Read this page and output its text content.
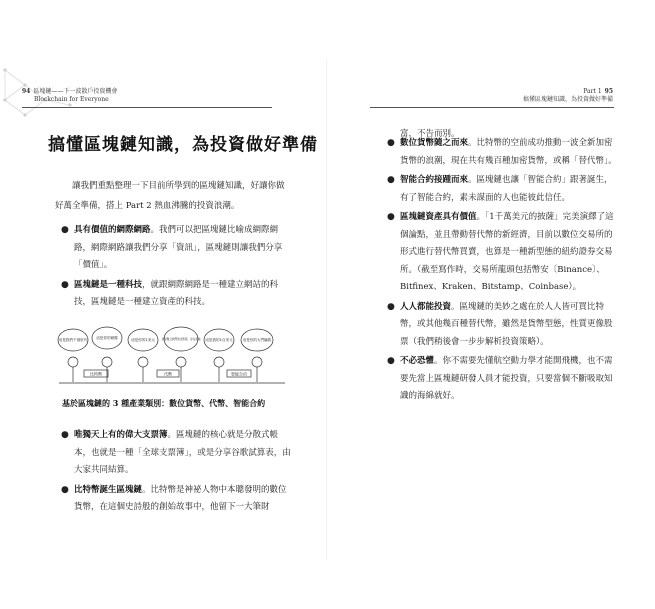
94 區塊鏈——下一波散戶投資機會
Blockchain for Everyone
搞懂區塊鏈知識，為投資做好準備

讓我們重點整理一下目前所學到的區塊鏈知識，好讓你做好萬全準備，搭上 Part 2 熱血沸騰的投資浪潮。

● 具有價值的網際網路。我們可以把區塊鏈比喻成網際網路，網際網路讓我們分享「資訊」，區塊鏈則讓我們分享「價值」。
● 區塊鏈是一種科技，就跟網際網路是一種建立網站的科技，區塊鏈是一種建立資產的科技。
這是我們千禧世代 這是你的硬碟	這是你的1美元	這是聚合我們的支票簿，存在雲端 這是我的1百美元	這是你的大門鑰匙
比特幣	代幣	智能合約
基於區塊鏈的 3 種產業類別：數位貨幣、代幣、智能合約
● 唯獨天上有的偉大支票簿。區塊鏈的核心就是分散式帳本，也就是一種「全球支票簿」，或是分享谷歌試算表，由大家共同結算。
● 比特幣誕生區塊鏈。比特幣是神祕人物中本聰發明的數位貨幣，在這個史詩般的創始故事中，他留下一大筆財
Part 1 95
搞懂區塊鏈知識，為投資做好準備
富，不告而別。
● 數位貨幣隨之而來。比特幣的空前成功推動一波全新加密貨幣的浪潮，現在共有幾百種加密貨幣，或稱「替代幣」。
● 智能合約接踵而來。區塊鏈也讓「智能合約」跟著誕生，有了智能合約，素未謀面的人也能彼此信任。
● 區塊鏈資產具有價值。「1千萬美元的披薩」完美演繹了這個論點，並且帶動替代幣的新經濟，目前以數位交易所的形式進行替代幣買賣，也算是一種新型態的紐約證券交易所。（截至寫作時，交易所龍頭包括幣安〔Binance〕、Bitfinex、Kraken、Bitstamp、Coinbase）。
● 人人都能投資。區塊鏈的美妙之處在於人人皆可買比特幣，或其他幾百種替代幣，雖然是貨幣型態，性質更像股票（我們稍後會一步步解析投資策略）。
● 不必恐懼。你不需要先懂航空動力學才能開飛機，也不需要先當上區塊鏈研發人員才能投資，只要當個不斷吸取知識的海綿就好。
